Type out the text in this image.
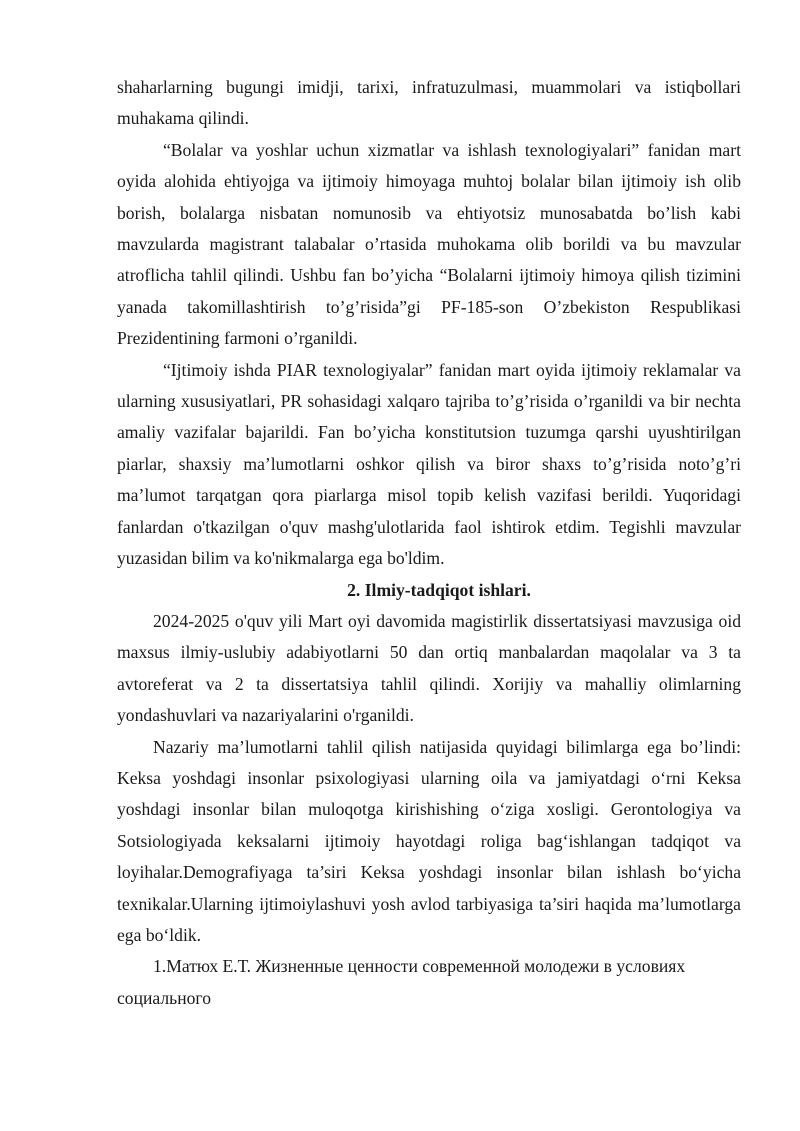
shaharlarning bugungi imidji, tarixi, infratuzulmasi, muammolari va istiqbollari muhakama qilindi.

“Bolalar va yoshlar uchun xizmatlar va ishlash texnologiyalari” fanidan mart oyida alohida ehtiyojga va ijtimoiy himoyaga muhtoj bolalar bilan ijtimoiy ish olib borish, bolalarga nisbatan nomunosib va ehtiyotsiz munosabatda bo’lish kabi mavzularda magistrant talabalar o’rtasida muhokama olib borildi va bu mavzular atroflicha tahlil qilindi. Ushbu fan bo’yicha “Bolalarni ijtimoiy himoya qilish tizimini yanada takomillashtirish to’g’risida”gi PF-185-son O’zbekiston Respublikasi Prezidentining farmoni o’rganildi.

“Ijtimoiy ishda PIAR texnologiyalar” fanidan mart oyida ijtimoiy reklamalar va ularning xususiyatlari, PR sohasidagi xalqaro tajriba to’g’risida o’rganildi va bir nechta amaliy vazifalar bajarildi. Fan bo’yicha konstitutsion tuzumga qarshi uyushtirilgan piarlar, shaxsiy ma’lumotlarni oshkor qilish va biror shaxs to’g’risida noto’g’ri ma’lumot tarqatgan qora piarlarga misol topib kelish vazifasi berildi. Yuqoridagi fanlardan o'tkazilgan o'quv mashg'ulotlarida faol ishtirok etdim. Tegishli mavzular yuzasidan bilim va ko'nikmalarga ega bo'ldim.

2. Ilmiy-tadqiqot ishlari.

2024-2025 o'quv yili Mart oyi davomida magistirlik dissertatsiyasi mavzusiga oid maxsus ilmiy-uslubiy adabiyotlarni 50 dan ortiq manbalardan maqolalar va 3 ta avtoreferat va 2 ta dissertatsiya tahlil qilindi. Xorijiy va mahalliy olimlarning yondashuvlari va nazariyalarini o'rganildi.

Nazariy ma’lumotlarni tahlil qilish natijasida quyidagi bilimlarga ega bo’lindi: Keksa yoshdagi insonlar psixologiyasi ularning oila va jamiyatdagi o‘rni Keksa yoshdagi insonlar bilan muloqotga kirishishing o‘ziga xosligi. Gerontologiya va Sotsiologiyada keksalarni ijtimoiy hayotdagi roliga bag‘ishlangan tadqiqot va loyihalar.Demografiyaga ta’siri Keksa yoshdagi insonlar bilan ishlash bo‘yicha texnikalar.Ularning ijtimoiylashuvi yosh avlod tarbiyasiga ta’siri haqida ma’lumotlarga ega bo‘ldik.

1.Матюх Е.Т. Жизненные ценности современной молодежи в условиях социального
